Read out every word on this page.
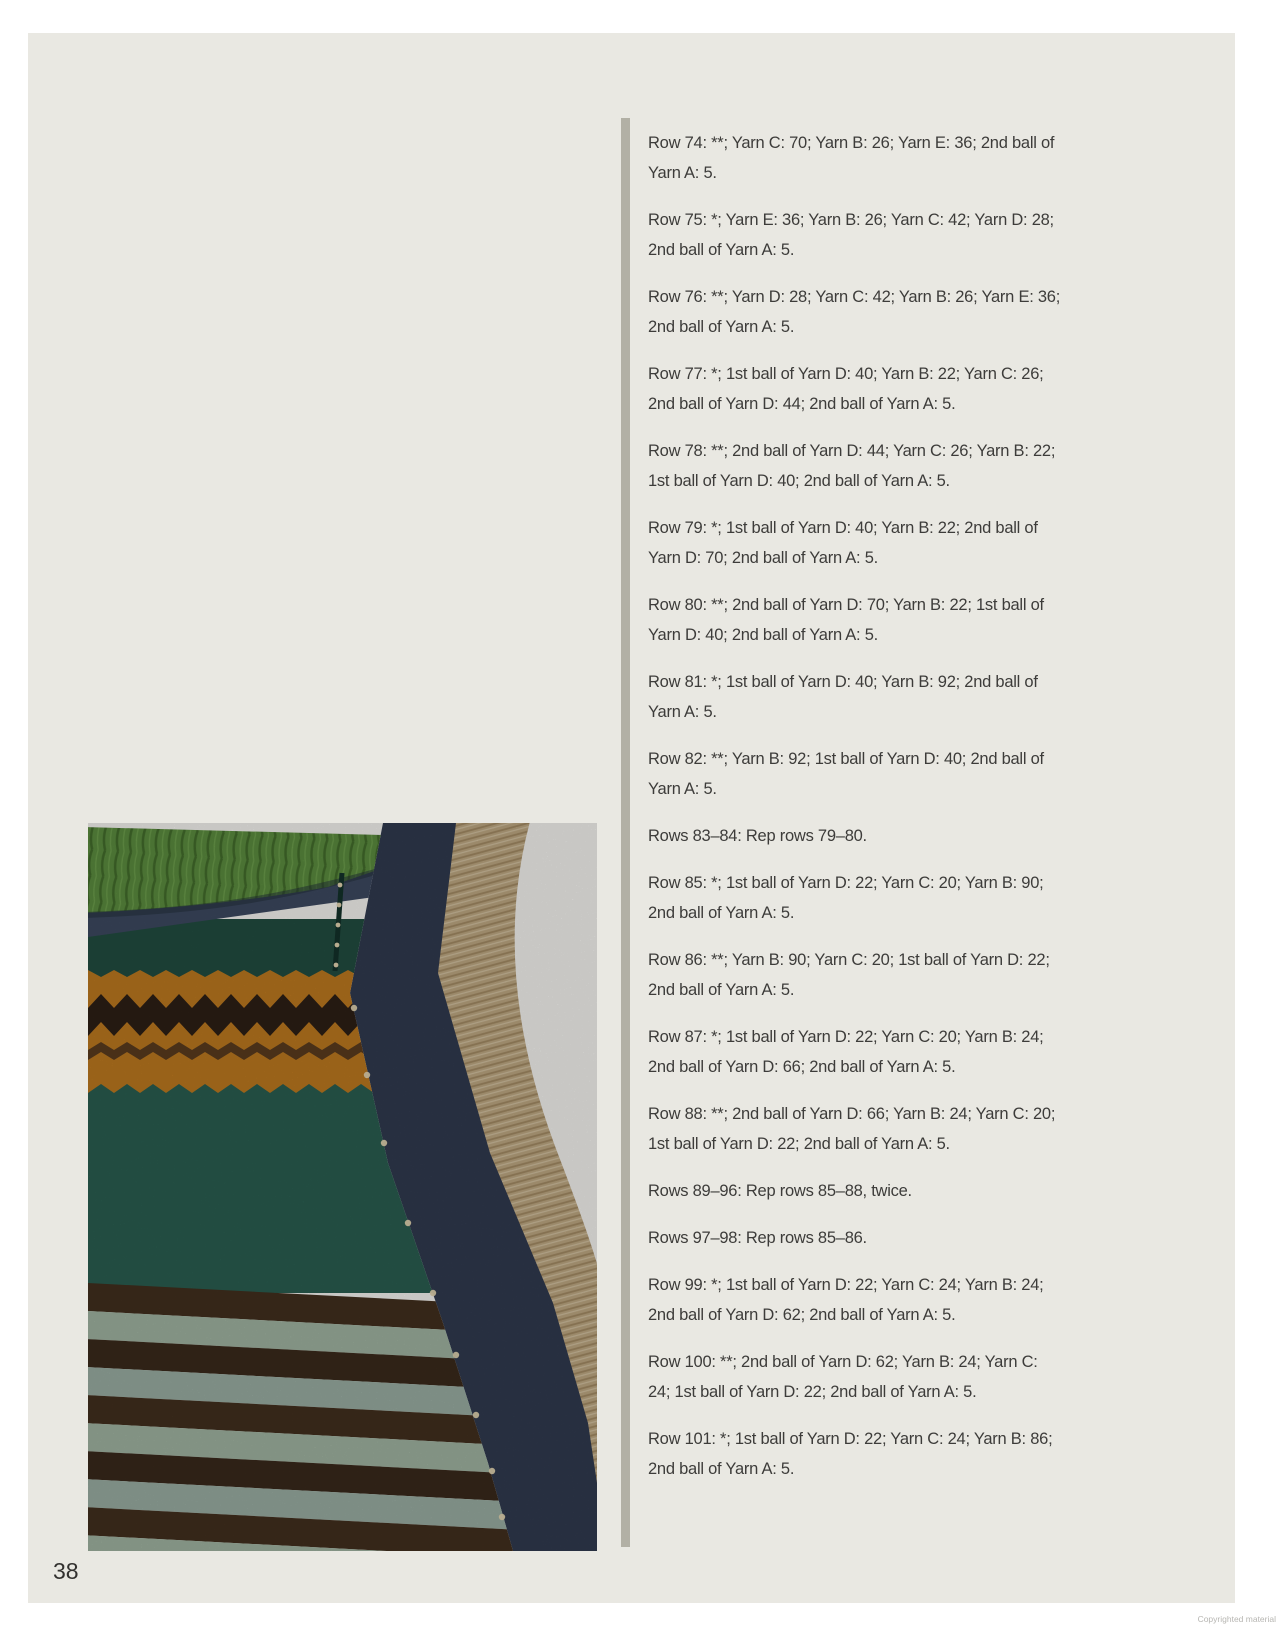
Row 74: **; Yarn C: 70; Yarn B: 26; Yarn E: 36; 2nd ball of
Yarn A: 5.

Row 75: *; Yarn E: 36; Yarn B: 26; Yarn C: 42; Yarn D: 28;
2nd ball of Yarn A: 5.

Row 76: **; Yarn D: 28; Yarn C: 42; Yarn B: 26; Yarn E: 36;
2nd ball of Yarn A: 5.

Row 77: *; 1st ball of Yarn D: 40; Yarn B: 22; Yarn C: 26;
2nd ball of Yarn D: 44; 2nd ball of Yarn A: 5.

Row 78: **; 2nd ball of Yarn D: 44; Yarn C: 26; Yarn B: 22;
1st ball of Yarn D: 40; 2nd ball of Yarn A: 5.

Row 79: *; 1st ball of Yarn D: 40; Yarn B: 22; 2nd ball of
Yarn D: 70; 2nd ball of Yarn A: 5.

Row 80: **; 2nd ball of Yarn D: 70; Yarn B: 22; 1st ball of
Yarn D: 40; 2nd ball of Yarn A: 5.

Row 81: *; 1st ball of Yarn D: 40; Yarn B: 92; 2nd ball of
Yarn A: 5.

Row 82: **; Yarn B: 92; 1st ball of Yarn D: 40; 2nd ball of
Yarn A: 5.

Rows 83–84: Rep rows 79–80.

Row 85: *; 1st ball of Yarn D: 22; Yarn C: 20; Yarn B: 90;
2nd ball of Yarn A: 5.

Row 86: **; Yarn B: 90; Yarn C: 20; 1st ball of Yarn D: 22;
2nd ball of Yarn A: 5.

Row 87: *; 1st ball of Yarn D: 22; Yarn C: 20; Yarn B: 24;
2nd ball of Yarn D: 66; 2nd ball of Yarn A: 5.

Row 88: **; 2nd ball of Yarn D: 66; Yarn B: 24; Yarn C: 20;
1st ball of Yarn D: 22; 2nd ball of Yarn A: 5.

Rows 89–96: Rep rows 85–88, twice.

Rows 97–98: Rep rows 85–86.

Row 99: *; 1st ball of Yarn D: 22; Yarn C: 24; Yarn B: 24;
2nd ball of Yarn D: 62; 2nd ball of Yarn A: 5.

Row 100: **; 2nd ball of Yarn D: 62; Yarn B: 24; Yarn C:
24; 1st ball of Yarn D: 22; 2nd ball of Yarn A: 5.

Row 101: *; 1st ball of Yarn D: 22; Yarn C: 24; Yarn B: 86;
2nd ball of Yarn A: 5.

38
Copyrighted material
